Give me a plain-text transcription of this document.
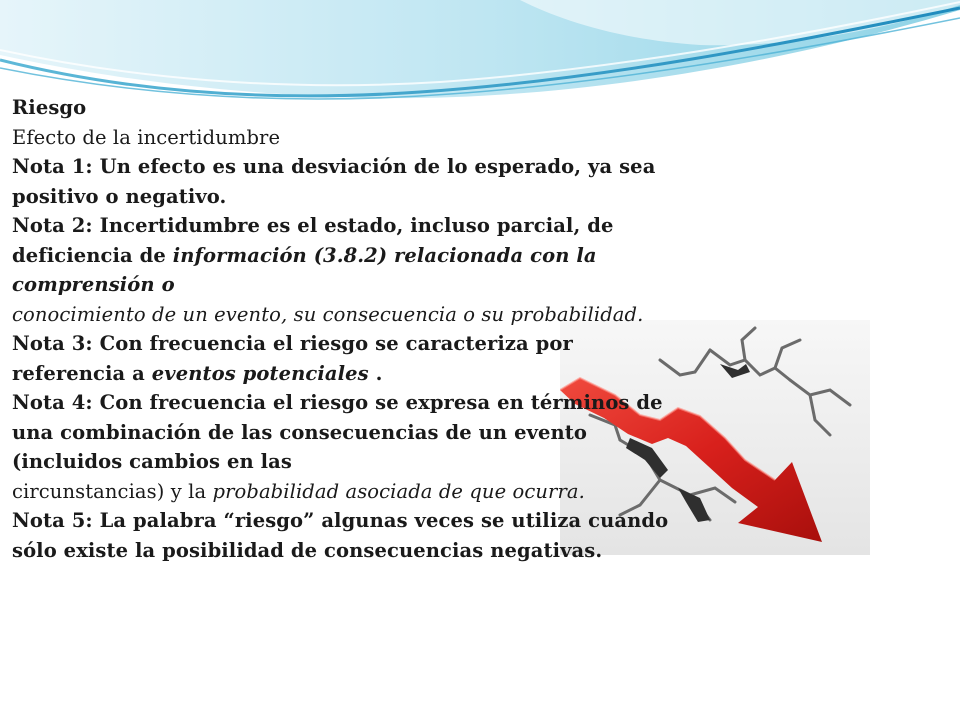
Riesgo

Efecto de la incertidumbre

Nota 1: Un efecto es una desviación de lo esperado, ya sea positivo o negativo.

Nota 2: Incertidumbre es el estado, incluso parcial, de deficiencia de información (3.8.2) relacionada con la comprensión o

conocimiento de un evento, su consecuencia o su probabilidad.

Nota 3: Con frecuencia el riesgo se caracteriza por referencia a eventos potenciales .

Nota 4: Con frecuencia el riesgo se expresa en términos de una combinación de las consecuencias de un evento (incluidos cambios en las

circunstancias) y la probabilidad asociada de que ocurra.

Nota 5: La palabra “riesgo” algunas veces se utiliza cuando sólo existe la posibilidad de consecuencias negativas.
